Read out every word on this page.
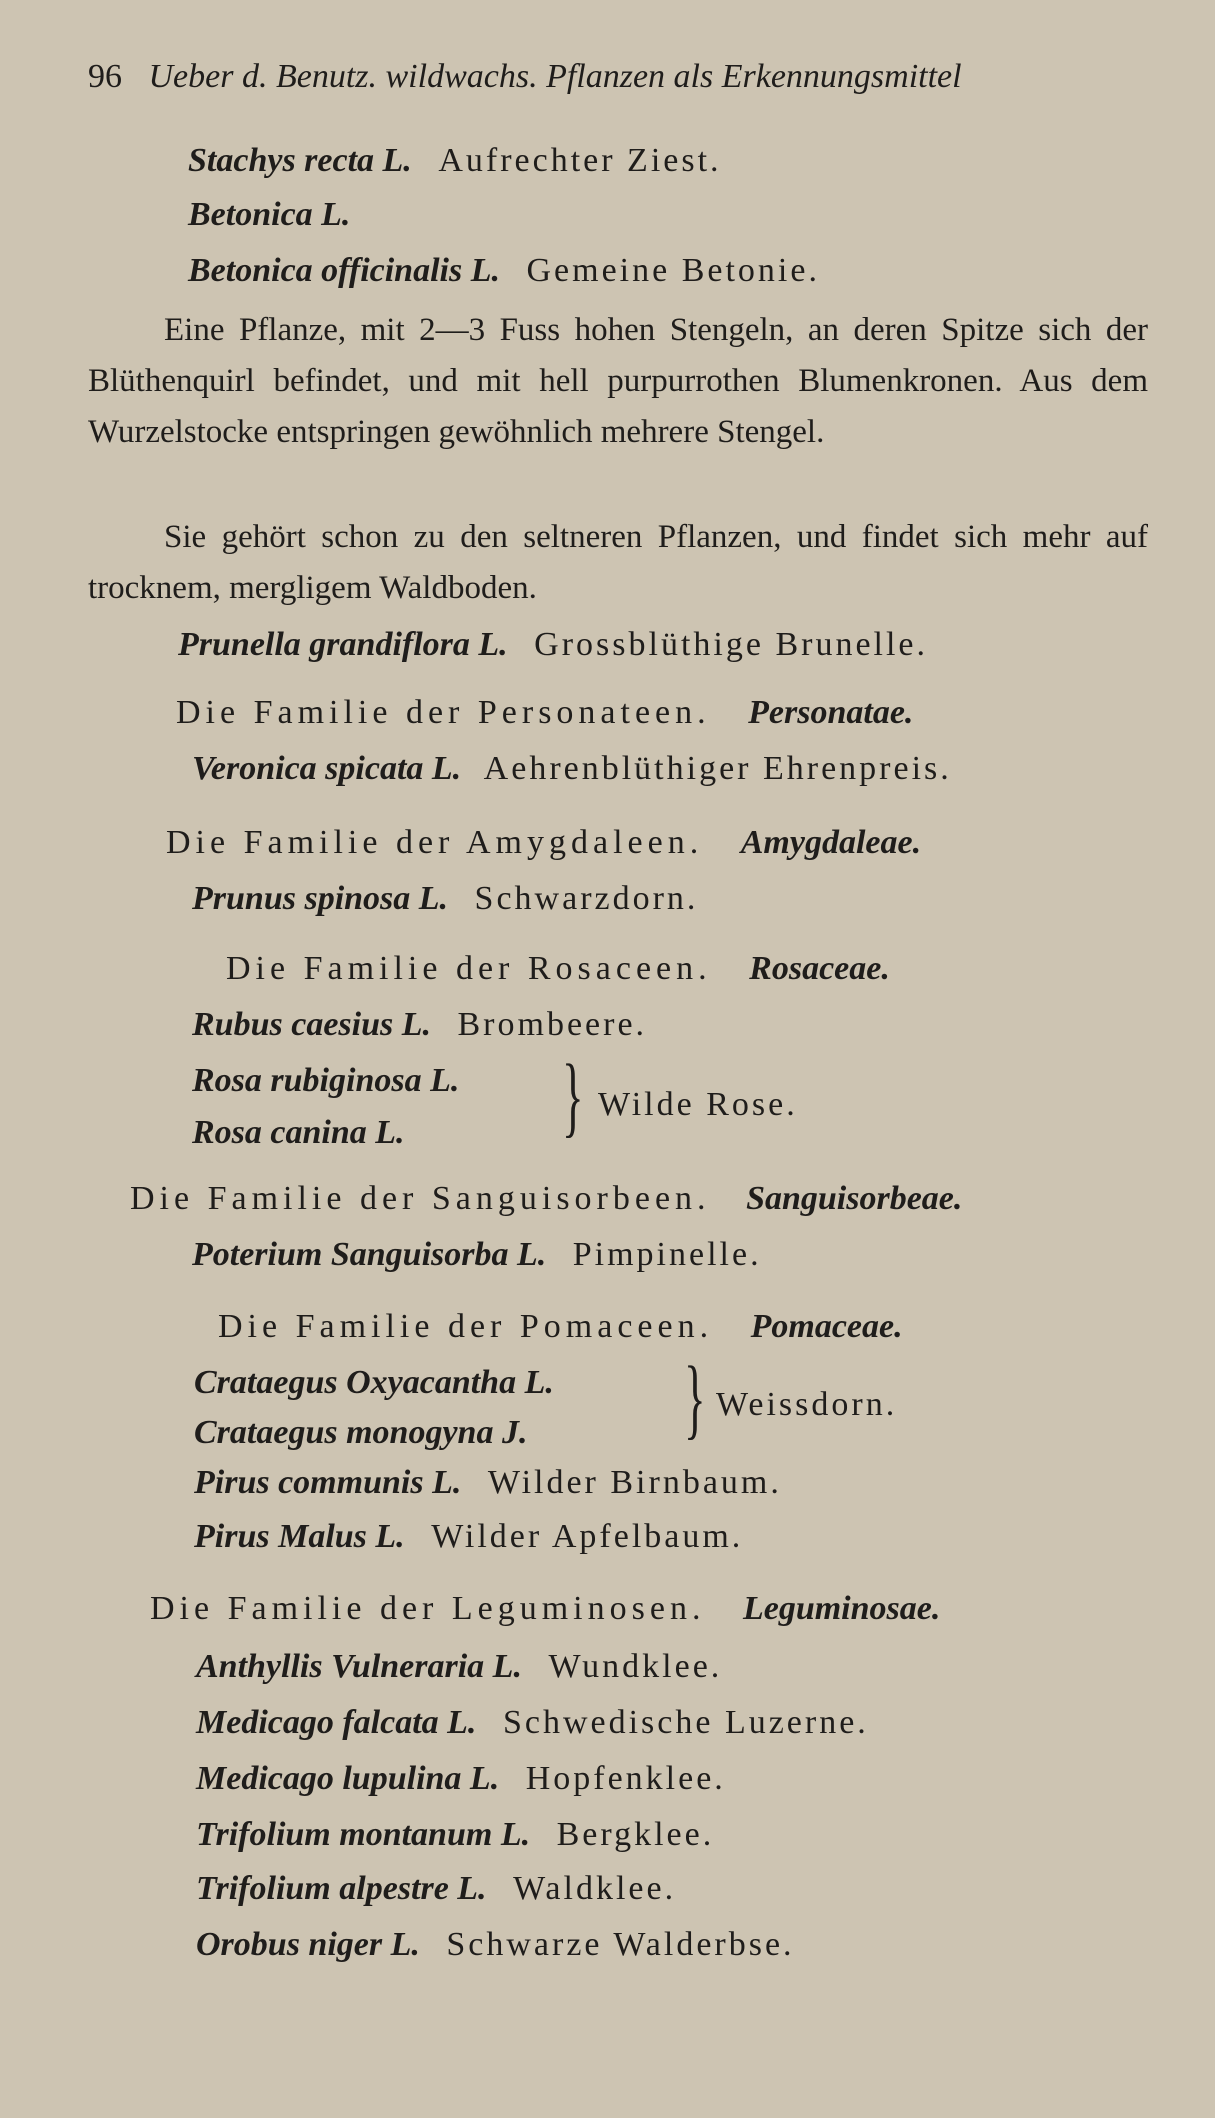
96 Ueber d. Benutz. wildwachs. Pflanzen als Erkennungsmittel
Stachys recta L. Aufrechter Ziest.
Betonica L.
Betonica officinalis L. Gemeine Betonie.
Eine Pflanze, mit 2—3 Fuss hohen Stengeln, an deren Spitze sich der Blüthenquirl befindet, und mit hell purpurrothen Blumenkronen. Aus dem Wurzelstocke entspringen gewöhnlich mehrere Stengel.
Sie gehört schon zu den seltneren Pflanzen, und findet sich mehr auf trocknem, mergligem Waldboden.
Prunella grandiflora L. Grossblüthige Brunelle.
Die Familie der Personateen. Personatae.
Veronica spicata L. Aehrenblüthiger Ehrenpreis.
Die Familie der Amygdaleen. Amygdaleae.
Prunus spinosa L. Schwarzdorn.
Die Familie der Rosaceen. Rosaceae.
Rubus caesius L. Brombeere.
Rosa rubiginosa L.
Rosa canina L. } Wilde Rose.
Die Familie der Sanguisorbeen. Sanguisorbeae.
Poterium Sanguisorba L. Pimpinelle.
Die Familie der Pomaceen. Pomaceae.
Crataegus Oxyacantha L.
Crataegus monogyna J. } Weissdorn.
Pirus communis L. Wilder Birnbaum.
Pirus Malus L. Wilder Apfelbaum.
Die Familie der Leguminosen. Leguminosae.
Anthyllis Vulneraria L. Wundklee.
Medicago falcata L. Schwedische Luzerne.
Medicago lupulina L. Hopfenklee.
Trifolium montanum L. Bergklee.
Trifolium alpestre L. Waldklee.
Orobus niger L. Schwarze Walderbse.
